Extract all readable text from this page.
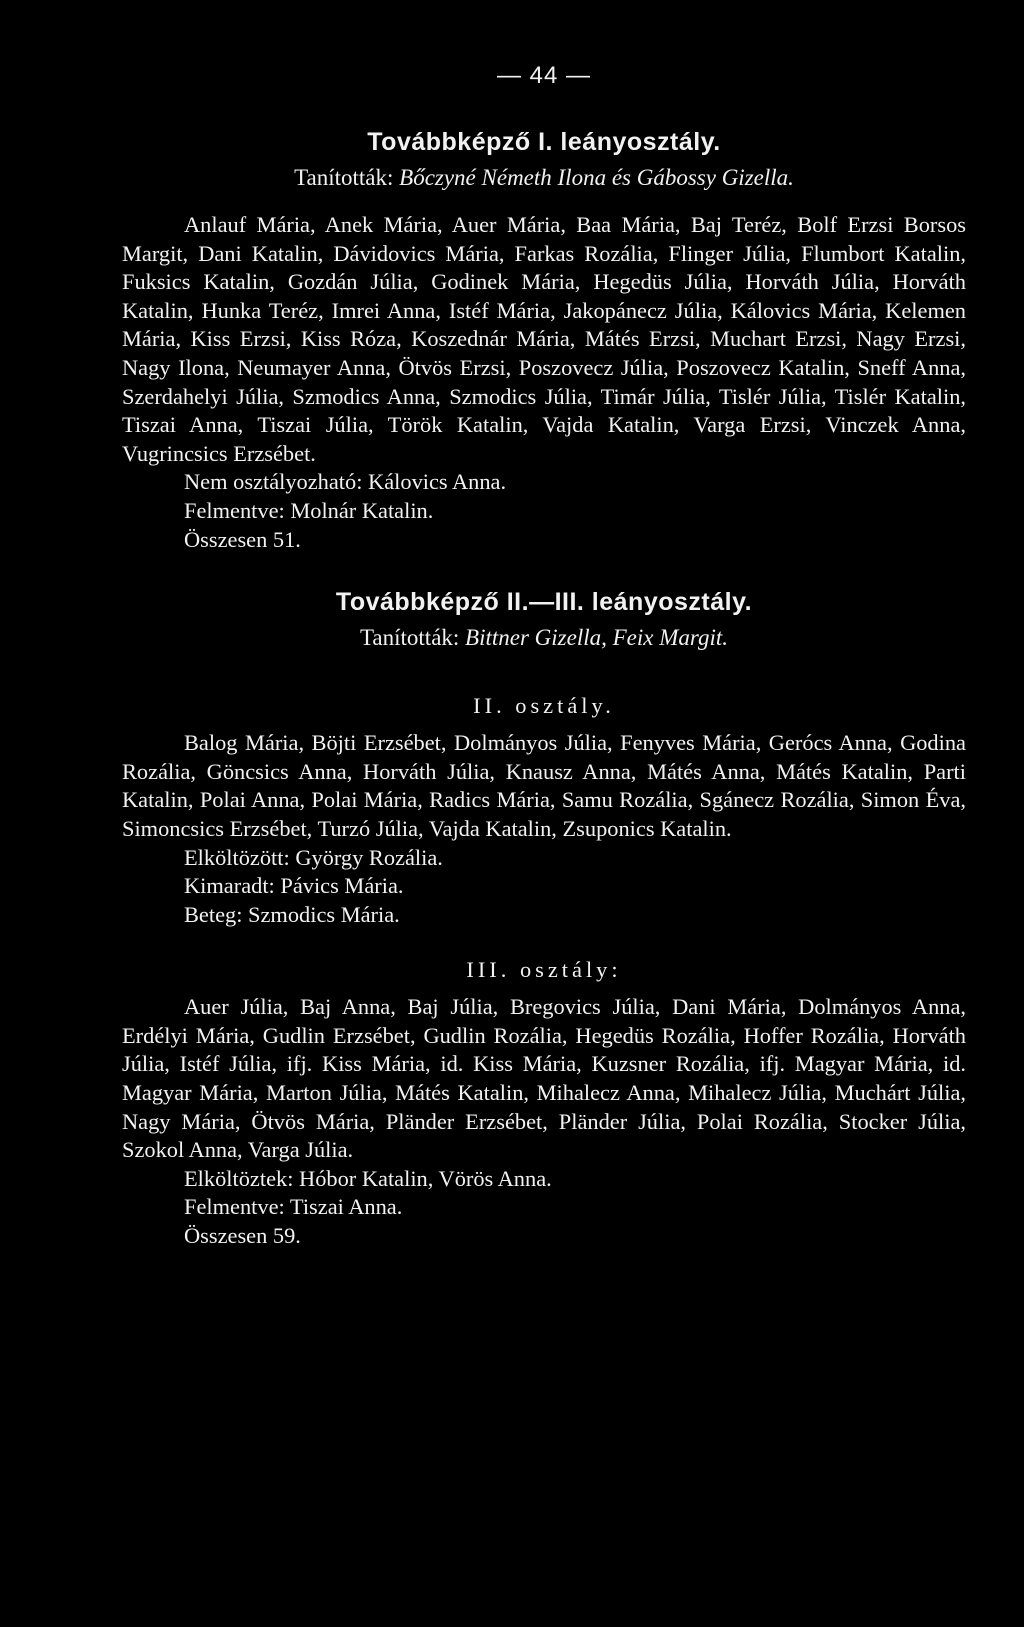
— 44 —
Továbbképző I. leányosztály.
Tanították: Bőczyné Németh Ilona és Gábossy Gizella.

Anlauf Mária, Anek Mária, Auer Mária, Baa Mária, Baj Teréz, Bolf Erzsi Borsos Margit, Dani Katalin, Dávidovics Mária, Farkas Rozália, Flinger Júlia, Flumbort Katalin, Fuksics Katalin, Gozdán Júlia, Godinek Mária, Hegedüs Júlia, Horváth Júlia, Horváth Katalin, Hunka Teréz, Imrei Anna, Istéf Mária, Jakopánecz Júlia, Kálovics Mária, Kelemen Mária, Kiss Erzsi, Kiss Róza, Koszednár Mária, Mátés Erzsi, Muchart Erzsi, Nagy Erzsi, Nagy Ilona, Neumayer Anna, Ötvös Erzsi, Poszovecz Júlia, Poszovecz Katalin, Sneff Anna, Szerdahelyi Júlia, Szmodics Anna, Szmodics Júlia, Timár Júlia, Tislér Júlia, Tislér Katalin, Tiszai Anna, Tiszai Júlia, Török Katalin, Vajda Katalin, Varga Erzsi, Vinczek Anna, Vugrincsics Erzsébet.

Nem osztályozható: Kálovics Anna.

Felmentve: Molnár Katalin.

Összesen 51.

Továbbképző II.—III. leányosztály.
Tanították: Bittner Gizella, Feix Margit.
II. osztály.

Balog Mária, Böjti Erzsébet, Dolmányos Júlia, Fenyves Mária, Gerócs Anna, Godina Rozália, Göncsics Anna, Horváth Júlia, Knausz Anna, Mátés Anna, Mátés Katalin, Parti Katalin, Polai Anna, Polai Mária, Radics Mária, Samu Rozália, Sgánecz Rozália, Simon Éva, Simoncsics Erzsébet, Turzó Júlia, Vajda Katalin, Zsuponics Katalin.

Elköltözött: György Rozália.

Kimaradt: Pávics Mária.

Beteg: Szmodics Mária.

III. osztály:

Auer Júlia, Baj Anna, Baj Júlia, Bregovics Júlia, Dani Mária, Dolmányos Anna, Erdélyi Mária, Gudlin Erzsébet, Gudlin Rozália, Hegedüs Rozália, Hoffer Rozália, Horváth Júlia, Istéf Júlia, ifj. Kiss Mária, id. Kiss Mária, Kuzsner Rozália, ifj. Magyar Mária, id. Magyar Mária, Marton Júlia, Mátés Katalin, Mihalecz Anna, Mihalecz Júlia, Muchárt Júlia, Nagy Mária, Ötvös Mária, Pländer Erzsébet, Pländer Júlia, Polai Rozália, Stocker Júlia, Szokol Anna, Varga Júlia.

Elköltöztek: Hóbor Katalin, Vörös Anna.

Felmentve: Tiszai Anna.

Összesen 59.
